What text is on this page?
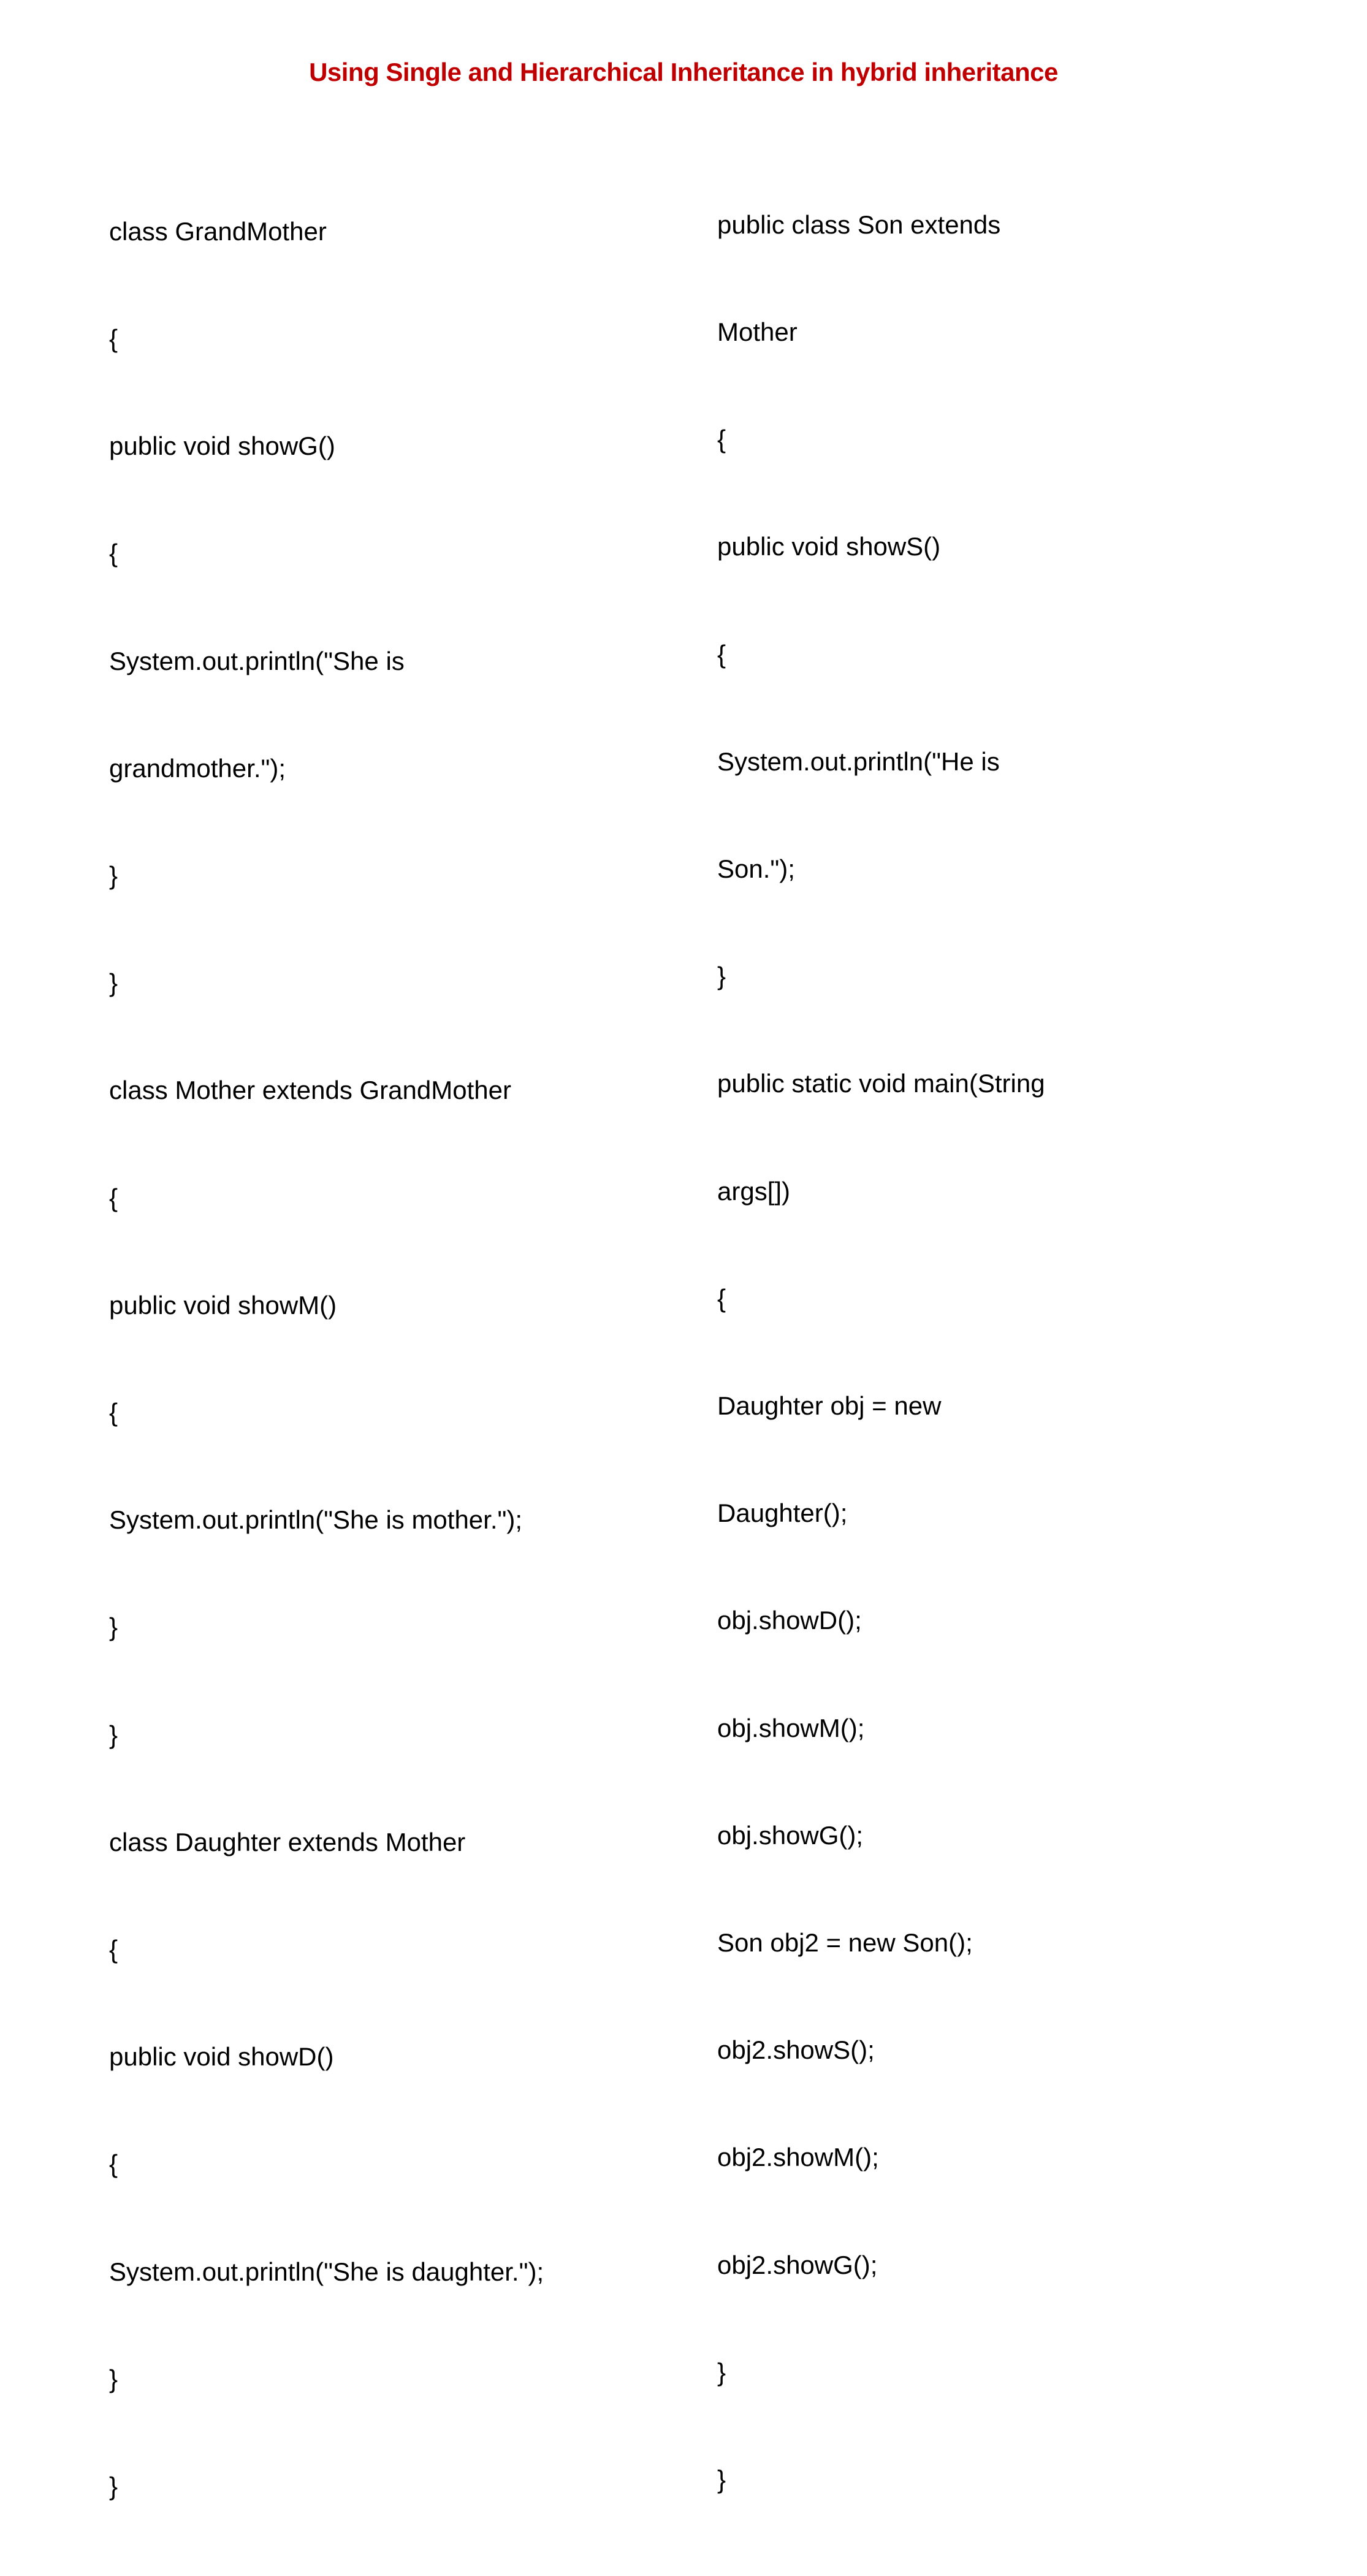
Using Single and Hierarchical Inheritance in hybrid inheritance

class GrandMother

{

public void showG()

{

System.out.println("She is

grandmother.");

}

}

class Mother extends GrandMother

{

public void showM()

{

System.out.println("She is mother.");

}

}

class Daughter extends Mother

{

public void showD()

{

System.out.println("She is daughter.");

}

}

public class Son extends

Mother

{

public void showS()

{

System.out.println("He is

Son.");

}

public static void main(String

args[])

{

Daughter obj = new

Daughter();

obj.showD();

obj.showM();

obj.showG();

Son obj2 = new Son();

obj2.showS();

obj2.showM();

obj2.showG();

}

}
